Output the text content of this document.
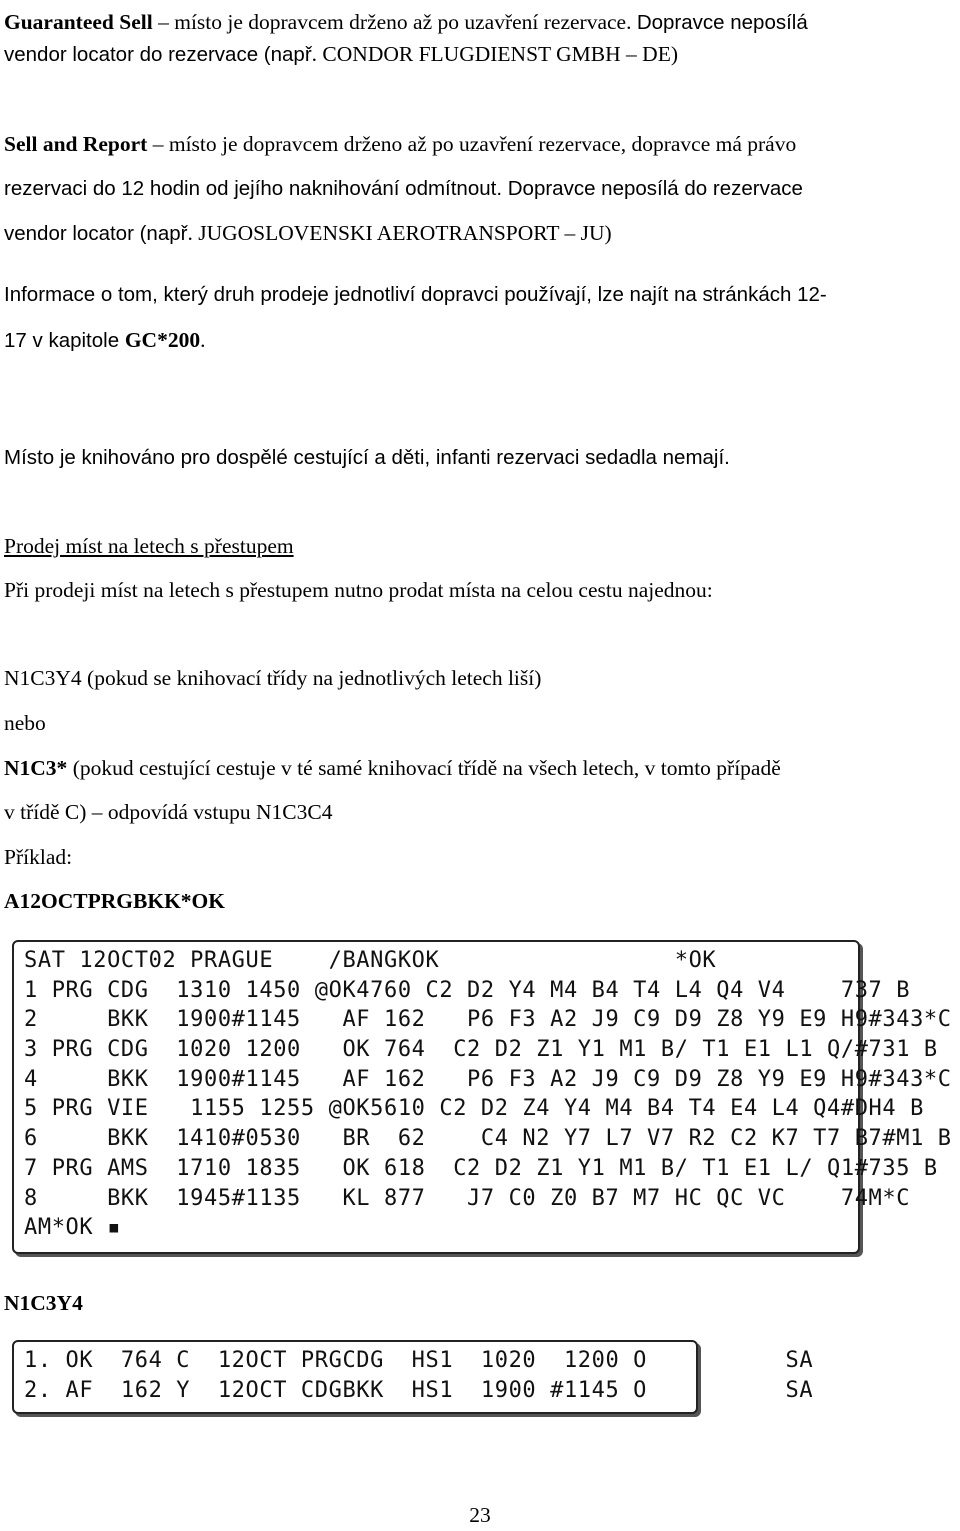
Guaranteed Sell – místo je dopravcem drženo až po uzavření rezervace. Dopravce neposílá
vendor locator do rezervace (např. CONDOR FLUGDIENST GMBH – DE)
Sell and Report – místo je dopravcem drženo až po uzavření rezervace, dopravce má právo
rezervaci do 12 hodin od jejího naknihování odmítnout. Dopravce neposílá do rezervace
vendor locator (např. JUGOSLOVENSKI AEROTRANSPORT – JU)
Informace o tom, který druh prodeje jednotliví dopravci používají, lze najít na stránkách 12-
17 v kapitole GC*200.
Místo je knihováno pro dospělé cestující a děti, infanti rezervaci sedadla nemají.
Prodej míst na letech s přestupem
Při prodeji míst na letech s přestupem nutno prodat místa na celou cestu najednou:
N1C3Y4 (pokud se knihovací třídy na jednotlivých letech liší)
nebo
N1C3* (pokud cestující cestuje v té samé knihovací třídě na všech letech, v tomto případě
v třídě C) – odpovídá vstupu N1C3C4
Příklad:
A12OCTPRGBKK*OK
SAT 12OCT02 PRAGUE    /BANGKOK                 *OK
1 PRG CDG  1310 1450 @OK4760 C2 D2 Y4 M4 B4 T4 L4 Q4 V4    737 B
2     BKK  1900#1145   AF 162   P6 F3 A2 J9 C9 D9 Z8 Y9 E9 H9#343*C
3 PRG CDG  1020 1200   OK 764  C2 D2 Z1 Y1 M1 B/ T1 E1 L1 Q/#731 B
4     BKK  1900#1145   AF 162   P6 F3 A2 J9 C9 D9 Z8 Y9 E9 H9#343*C
5 PRG VIE   1155 1255 @OK5610 C2 D2 Z4 Y4 M4 B4 T4 E4 L4 Q4#DH4 B
6     BKK  1410#0530   BR  62    C4 N2 Y7 L7 V7 R2 C2 K7 T7 B7#M1 B
7 PRG AMS  1710 1835   OK 618  C2 D2 Z1 Y1 M1 B/ T1 E1 L/ Q1#735 B
8     BKK  1945#1135   KL 877   J7 C0 Z0 B7 M7 HC QC VC    74M*C
AM*OK ▪
N1C3Y4
1. OK  764 C  12OCT PRGCDG  HS1  1020  1200 O          SA
2. AF  162 Y  12OCT CDGBKK  HS1  1900 #1145 O          SA
23
